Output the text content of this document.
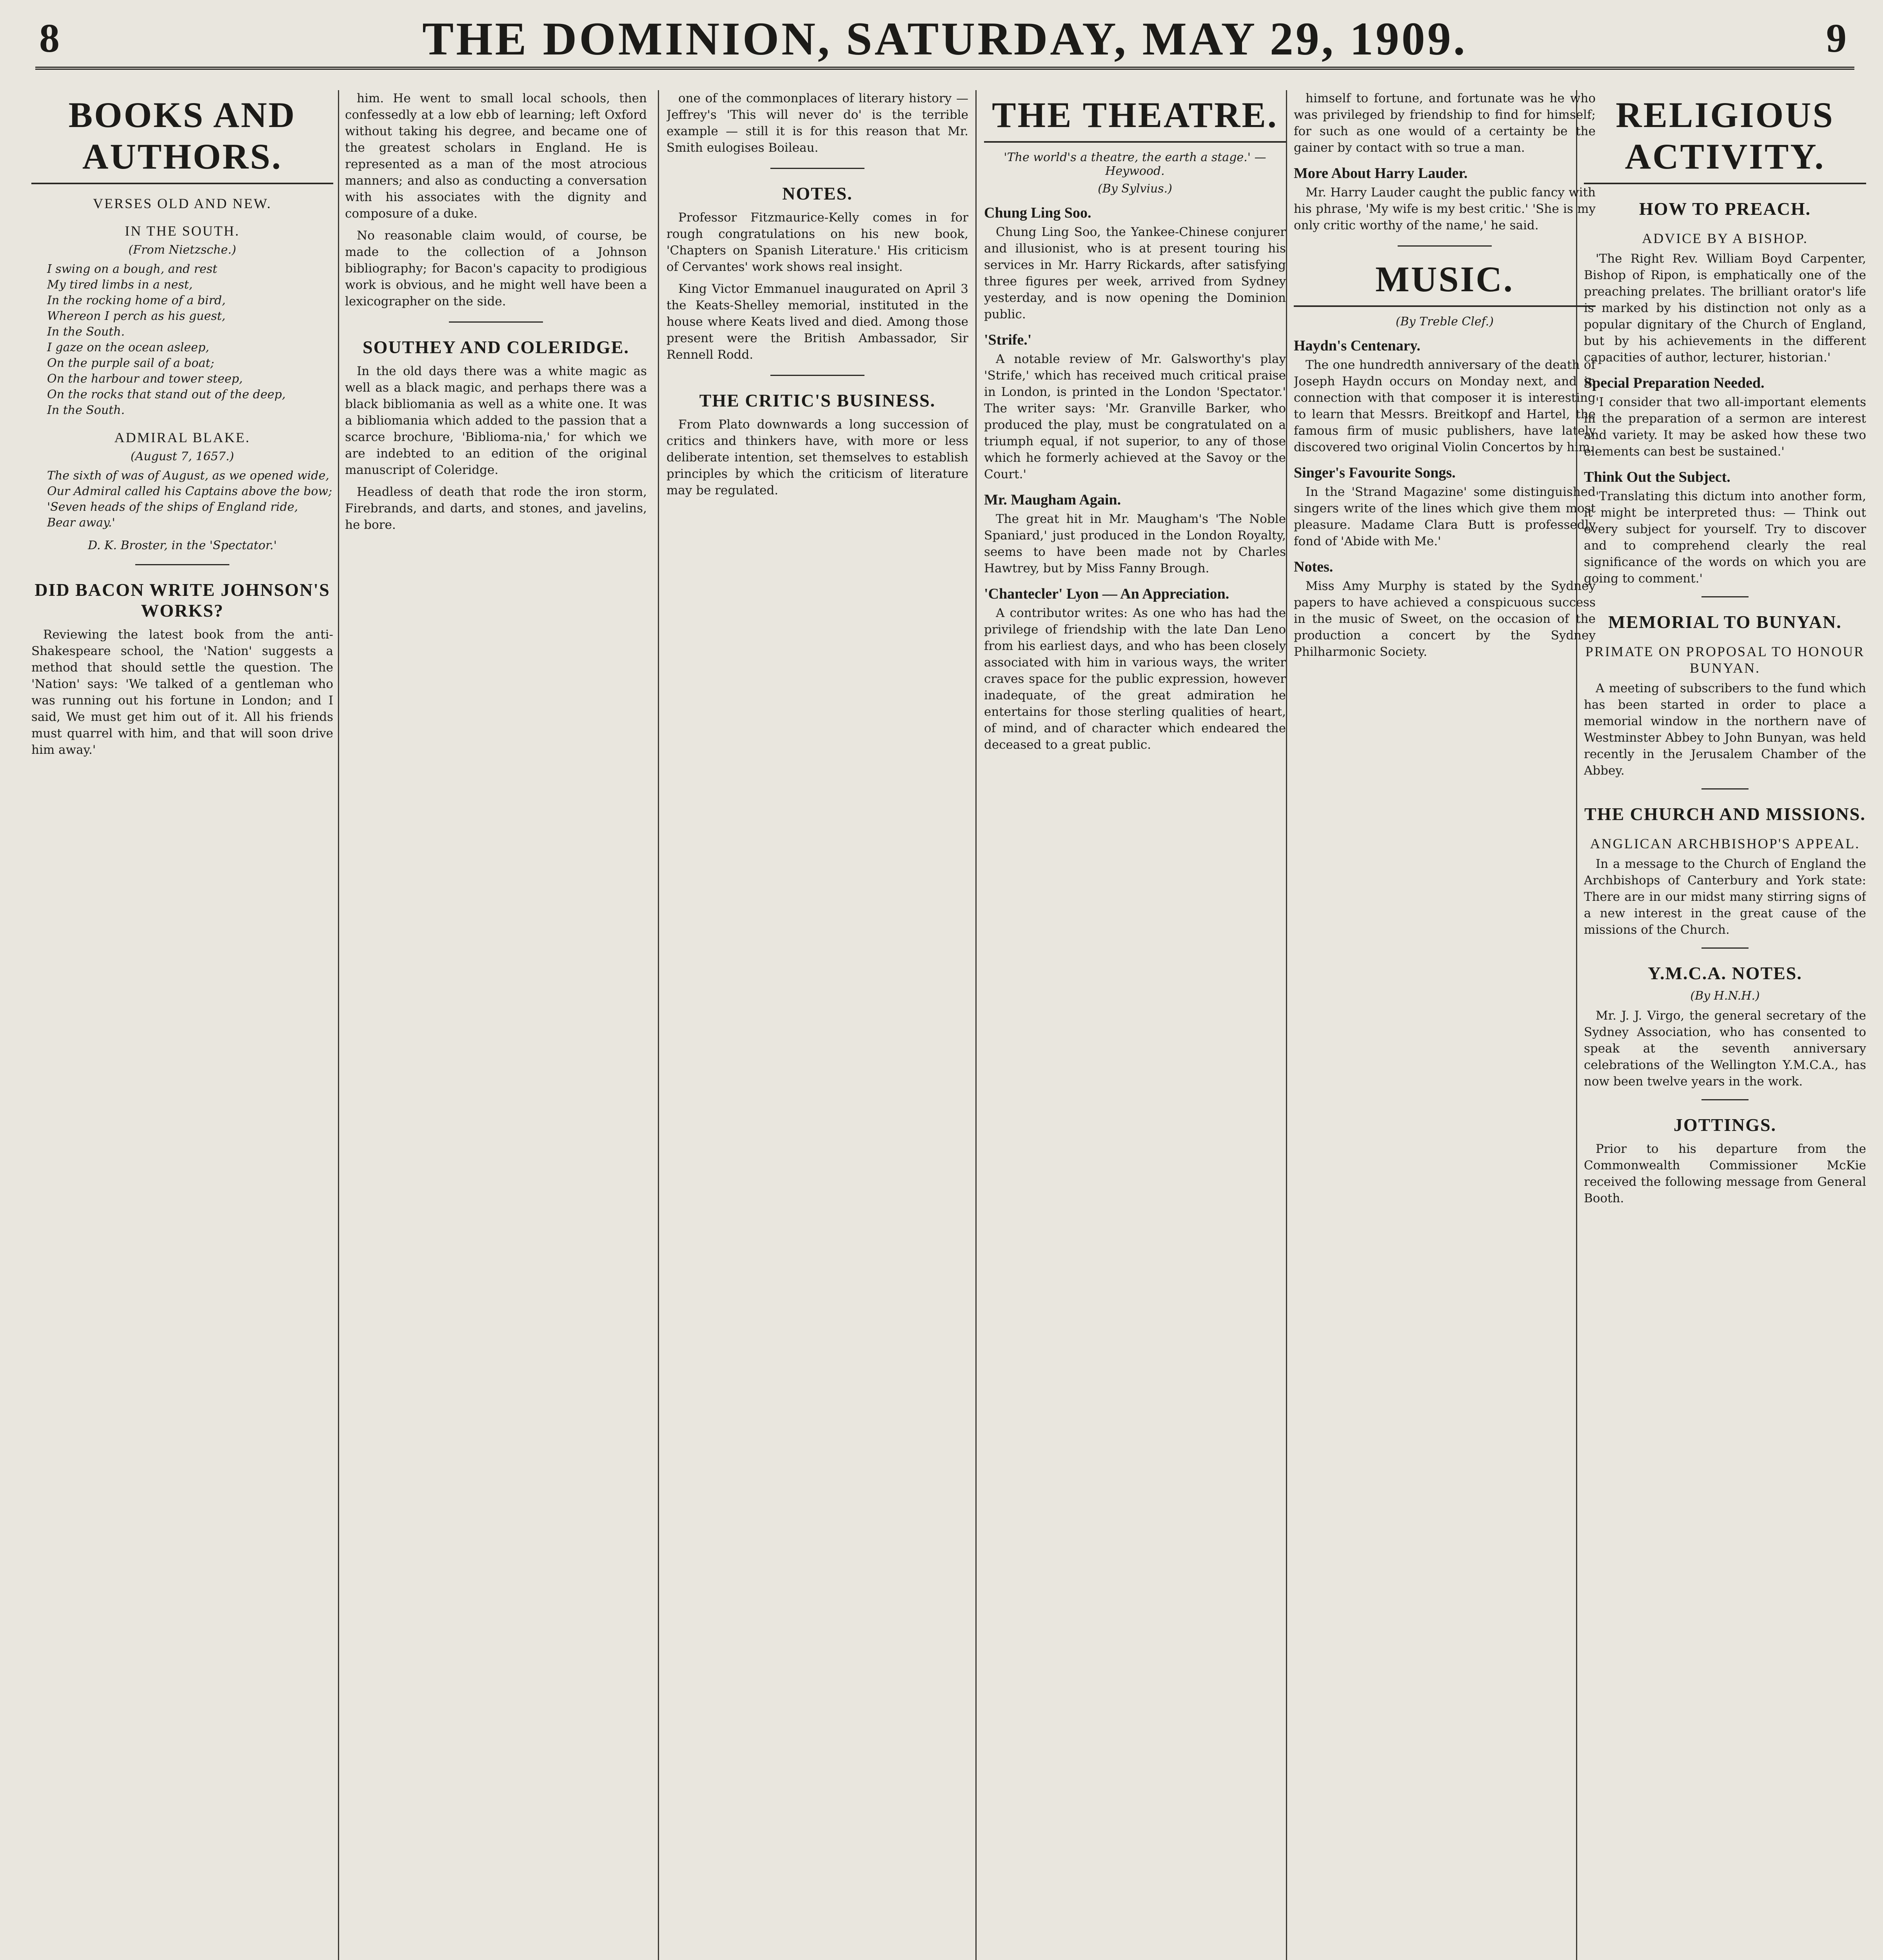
8	THE DOMINION, SATURDAY, MAY 29, 1909.	9
BOOKS AND AUTHORS.
VERSES OLD AND NEW.
IN THE SOUTH.
(From Nietzsche.)
I swing on a bough, and rest
My tired limbs in a nest,
In the rocking home of a bird,
Whereon I perch as his guest,
In the South.
I gaze on the ocean asleep,
On the purple sail of a boat;
On the harbour and tower steep,
On the rocks that stand out of the deep,
In the South.
ADMIRAL BLAKE.
(August 7, 1657.)
The sixth of was of August, as we opened wide,
Our Admiral called his Captains above the bow;
'Seven heads of the ships of England ride,
Bear away.'
D. K. Broster, in the 'Spectator.'
DID BACON WRITE JOHNSON'S WORKS?

Reviewing the latest book from the anti-Shakespeare school, the 'Nation' suggests a method that should settle the question. The 'Nation' says: 'We talked of a gentleman who was running out his fortune in London; and I said, We must get him out of it. All his friends must quarrel with him, and that will soon drive him away.'

him. He went to small local schools, then confessedly at a low ebb of learning; left Oxford without taking his degree, and became one of the greatest scholars in England. He is represented as a man of the most atrocious manners; and also as conducting a conversation with his associates with the dignity and composure of a duke.

No reasonable claim would, of course, be made to the collection of a Johnson bibliography; for Bacon's capacity to prodigious work is obvious, and he might well have been a lexicographer on the side.

SOUTHEY AND COLERIDGE.

In the old days there was a white magic as well as a black magic, and perhaps there was a black bibliomania as well as a white one. It was a bibliomania which added to the passion that a scarce brochure, 'Biblioma-nia,' for which we are indebted to an edition of the original manuscript of Coleridge.

Headless of death that rode the iron storm, Firebrands, and darts, and stones, and javelins, he bore.

one of the commonplaces of literary history — Jeffrey's 'This will never do' is the terrible example — still it is for this reason that Mr. Smith eulogises Boileau.

NOTES.

Professor Fitzmaurice-Kelly comes in for rough congratulations on his new book, 'Chapters on Spanish Literature.' His criticism of Cervantes' work shows real insight.

King Victor Emmanuel inaugurated on April 3 the Keats-Shelley memorial, instituted in the house where Keats lived and died. Among those present were the British Ambassador, Sir Rennell Rodd.

THE CRITIC'S BUSINESS.

From Plato downwards a long succession of critics and thinkers have, with more or less deliberate intention, set themselves to establish principles by which the criticism of literature may be regulated.

THE THEATRE.
'The world's a theatre, the earth a stage.' — Heywood.
(By Sylvius.)
Chung Ling Soo.

Chung Ling Soo, the Yankee-Chinese conjurer and illusionist, who is at present touring his services in Mr. Harry Rickards, after satisfying three figures per week, arrived from Sydney yesterday, and is now opening the Dominion public.

'Strife.'

A notable review of Mr. Galsworthy's play 'Strife,' which has received much critical praise in London, is printed in the London 'Spectator.' The writer says: 'Mr. Granville Barker, who produced the play, must be congratulated on a triumph equal, if not superior, to any of those which he formerly achieved at the Savoy or the Court.'

Mr. Maugham Again.

The great hit in Mr. Maugham's 'The Noble Spaniard,' just produced in the London Royalty, seems to have been made not by Charles Hawtrey, but by Miss Fanny Brough.

'Chantecler' Lyon — An Appreciation.

A contributor writes: As one who has had the privilege of friendship with the late Dan Leno from his earliest days, and who has been closely associated with him in various ways, the writer craves space for the public expression, however inadequate, of the great admiration he entertains for those sterling qualities of heart, of mind, and of character which endeared the deceased to a great public.

himself to fortune, and fortunate was he who was privileged by friendship to find for himself; for such as one would of a certainty be the gainer by contact with so true a man.

More About Harry Lauder.

Mr. Harry Lauder caught the public fancy with his phrase, 'My wife is my best critic.' 'She is my only critic worthy of the name,' he said.

MUSIC.
(By Treble Clef.)
Haydn's Centenary.

The one hundredth anniversary of the death of Joseph Haydn occurs on Monday next, and in connection with that composer it is interesting to learn that Messrs. Breitkopf and Hartel, the famous firm of music publishers, have lately discovered two original Violin Concertos by him.

Singer's Favourite Songs.

In the 'Strand Magazine' some distinguished singers write of the lines which give them most pleasure. Madame Clara Butt is professedly fond of 'Abide with Me.'

Notes.

Miss Amy Murphy is stated by the Sydney papers to have achieved a conspicuous success in the music of Sweet, on the occasion of the production a concert by the Sydney Philharmonic Society.

RELIGIOUS ACTIVITY.
HOW TO PREACH.
ADVICE BY A BISHOP.

'The Right Rev. William Boyd Carpenter, Bishop of Ripon, is emphatically one of the preaching prelates. The brilliant orator's life is marked by his distinction not only as a popular dignitary of the Church of England, but by his achievements in the different capacities of author, lecturer, historian.'

Special Preparation Needed.

'I consider that two all-important elements in the preparation of a sermon are interest and variety. It may be asked how these two elements can best be sustained.'

Think Out the Subject.

'Translating this dictum into another form, it might be interpreted thus: — Think out every subject for yourself. Try to discover and to comprehend clearly the real significance of the words on which you are going to comment.'

MEMORIAL TO BUNYAN.
PRIMATE ON PROPOSAL TO HONOUR BUNYAN.

A meeting of subscribers to the fund which has been started in order to place a memorial window in the northern nave of Westminster Abbey to John Bunyan, was held recently in the Jerusalem Chamber of the Abbey.

THE CHURCH AND MISSIONS.
ANGLICAN ARCHBISHOP'S APPEAL.

In a message to the Church of England the Archbishops of Canterbury and York state: There are in our midst many stirring signs of a new interest in the great cause of the missions of the Church.

Y.M.C.A. NOTES.
(By H.N.H.)

Mr. J. J. Virgo, the general secretary of the Sydney Association, who has consented to speak at the seventh anniversary celebrations of the Wellington Y.M.C.A., has now been twelve years in the work.

JOTTINGS.

Prior to his departure from the Commonwealth Commissioner McKie received the following message from General Booth.
